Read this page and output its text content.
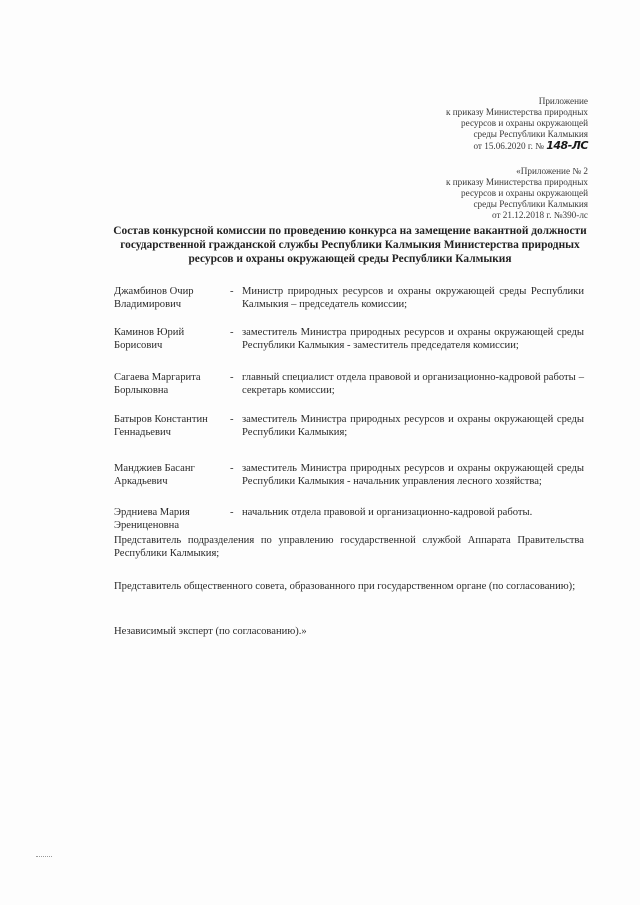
Приложение
к приказу Министерства природных
ресурсов и охраны окружающей
среды Республики Калмыкия
от 15.06.2020 г. № 148-ЛС
«Приложение № 2
к приказу Министерства природных
ресурсов и охраны окружающей
среды Республики Калмыкия
от 21.12.2018 г. №390-лс
Состав конкурсной комиссии по проведению конкурса на замещение вакантной должности государственной гражданской службы Республики Калмыкия Министерства природных ресурсов и охраны окружающей среды Республики Калмыкия
Джамбинов Очир Владимирович
- Министр природных ресурсов и охраны окружающей среды Республики Калмыкия – председатель комиссии;
Каминов Юрий Борисович
- заместитель Министра природных ресурсов и охраны окружающей среды Республики Калмыкия - заместитель председателя комиссии;
Сагаева Маргарита Борлыковна
- главный специалист отдела правовой и организационно-кадровой работы – секретарь комиссии;
Батыров Константин Геннадьевич
- заместитель Министра природных ресурсов и охраны окружающей среды Республики Калмыкия;
Манджиев Басанг Аркадьевич
- заместитель Министра природных ресурсов и охраны окружающей среды Республики Калмыкия - начальник управления лесного хозяйства;
Эрдниева Мария Эрениценовна
- начальник отдела правовой и организационно-кадровой работы.

Представитель подразделения по управлению государственной службой Аппарата Правительства Республики Калмыкия;

Представитель общественного совета, образованного при государственном органе (по согласованию);

Независимый эксперт (по согласованию).»
